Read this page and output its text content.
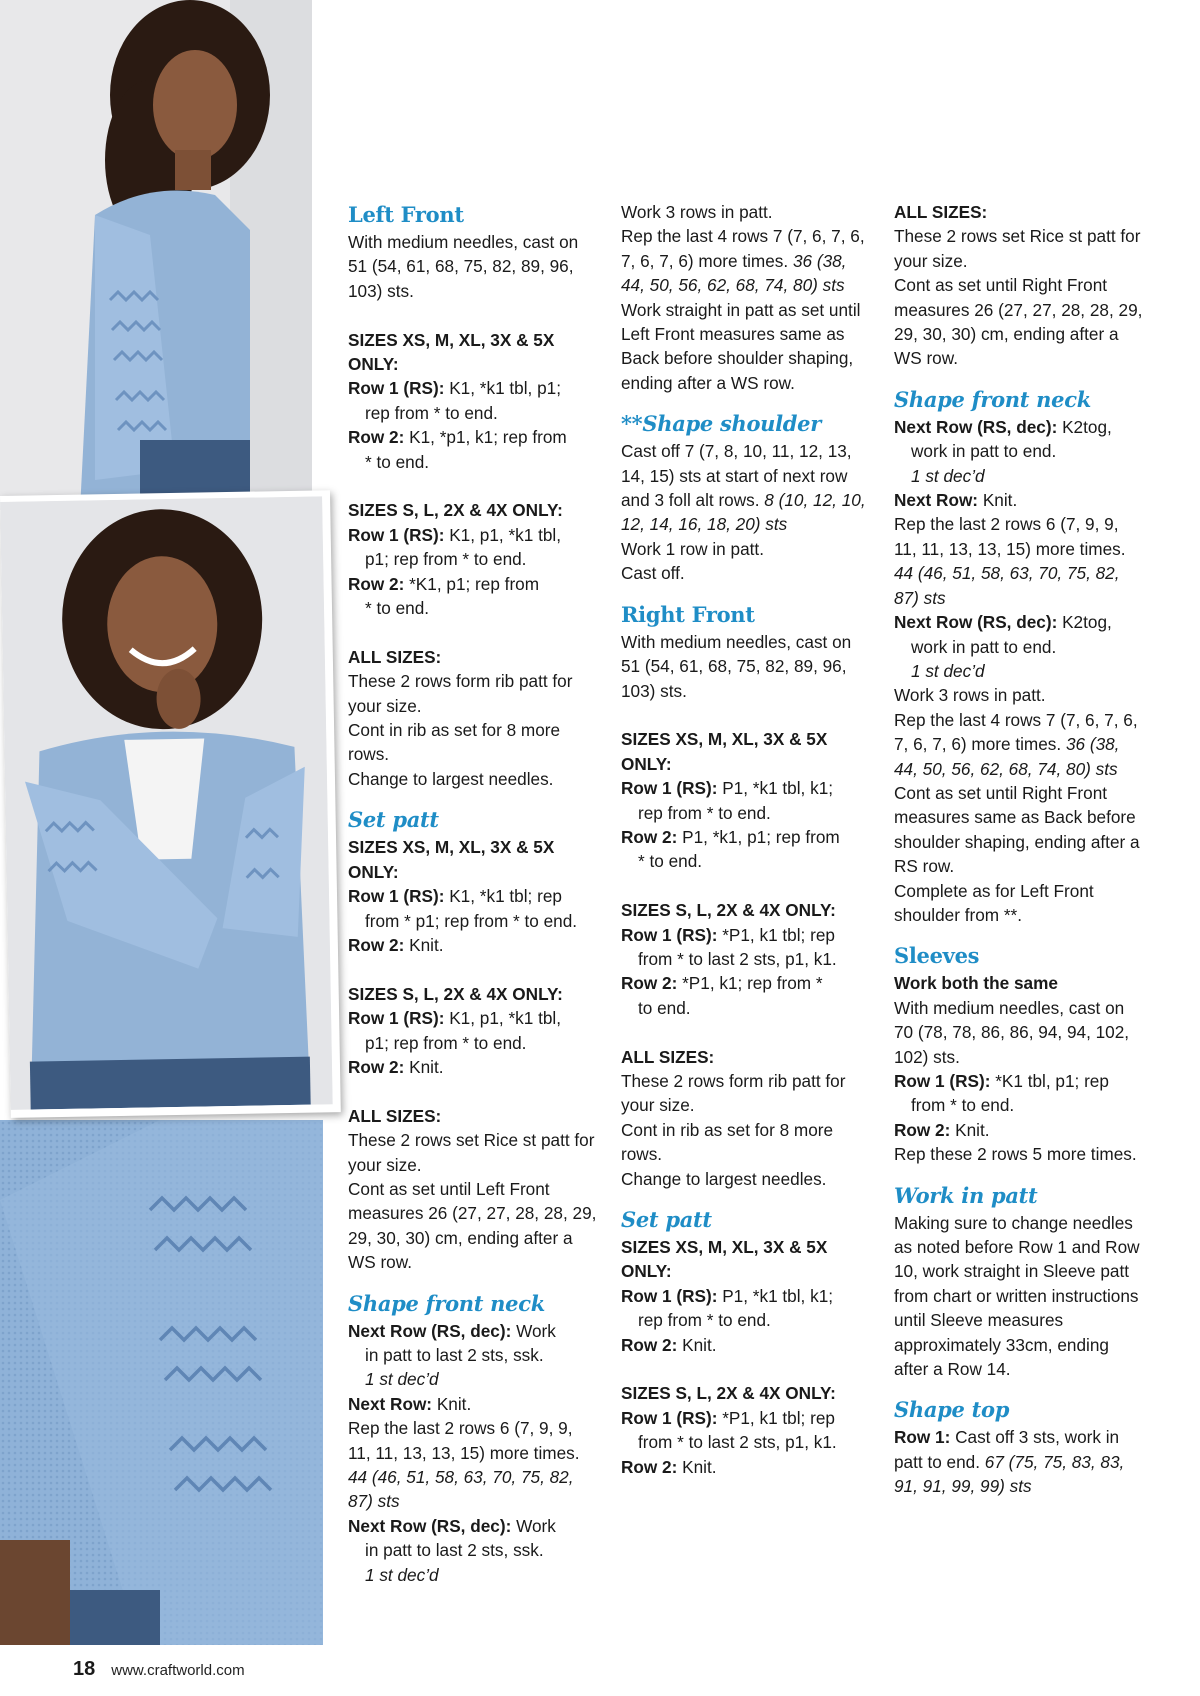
Left Front
With medium needles, cast on 51 (54, 61, 68, 75, 82, 89, 96, 103) sts.
SIZES XS, M, XL, 3X & 5X ONLY:
Row 1 (RS): K1, *k1 tbl, p1;
rep from * to end.
Row 2: K1, *p1, k1; rep from
* to end.
SIZES S, L, 2X & 4X ONLY:
Row 1 (RS): K1, p1, *k1 tbl,
p1; rep from * to end.
Row 2: *K1, p1; rep from
* to end.
ALL SIZES:
These 2 rows form rib patt for your size.
Cont in rib as set for 8 more rows.
Change to largest needles.
Set patt
SIZES XS, M, XL, 3X & 5X ONLY:
Row 1 (RS): K1, *k1 tbl; rep
from * p1; rep from * to end.
Row 2: Knit.
SIZES S, L, 2X & 4X ONLY:
Row 1 (RS): K1, p1, *k1 tbl,
p1; rep from * to end.
Row 2: Knit.
ALL SIZES:
These 2 rows set Rice st patt for your size.
Cont as set until Left Front measures 26 (27, 27, 28, 28, 29, 29, 30, 30) cm, ending after a WS row.
Shape front neck
Next Row (RS, dec): Work
in patt to last 2 sts, ssk.
1 st dec’d
Next Row: Knit.
Rep the last 2 rows 6 (7, 9, 9, 11, 11, 13, 13, 15) more times. 44 (46, 51, 58, 63, 70, 75, 82, 87) sts
Next Row (RS, dec): Work
in patt to last 2 sts, ssk.
1 st dec’d
Work 3 rows in patt.
Rep the last 4 rows 7 (7, 6, 7, 6, 7, 6, 7, 6) more times. 36 (38, 44, 50, 56, 62, 68, 74, 80) sts
Work straight in patt as set until Left Front measures same as Back before shoulder shaping, ending after a WS row.
**Shape shoulder
Cast off 7 (7, 8, 10, 11, 12, 13, 14, 15) sts at start of next row and 3 foll alt rows. 8 (10, 12, 10, 12, 14, 16, 18, 20) sts
Work 1 row in patt.
Cast off.
Right Front
With medium needles, cast on 51 (54, 61, 68, 75, 82, 89, 96, 103) sts.
SIZES XS, M, XL, 3X & 5X ONLY:
Row 1 (RS): P1, *k1 tbl, k1;
rep from * to end.
Row 2: P1, *k1, p1; rep from
* to end.
SIZES S, L, 2X & 4X ONLY:
Row 1 (RS): *P1, k1 tbl; rep
from * to last 2 sts, p1, k1.
Row 2: *P1, k1; rep from *
to end.
ALL SIZES:
These 2 rows form rib patt for your size.
Cont in rib as set for 8 more rows.
Change to largest needles.
Set patt
SIZES XS, M, XL, 3X & 5X ONLY:
Row 1 (RS): P1, *k1 tbl, k1;
rep from * to end.
Row 2: Knit.
SIZES S, L, 2X & 4X ONLY:
Row 1 (RS): *P1, k1 tbl; rep
from * to last 2 sts, p1, k1.
Row 2: Knit.
ALL SIZES:
These 2 rows set Rice st patt for your size.
Cont as set until Right Front measures 26 (27, 27, 28, 28, 29, 29, 30, 30) cm, ending after a WS row.
Shape front neck
Next Row (RS, dec): K2tog,
work in patt to end.
1 st dec’d
Next Row: Knit.
Rep the last 2 rows 6 (7, 9, 9, 11, 11, 13, 13, 15) more times. 44 (46, 51, 58, 63, 70, 75, 82, 87) sts
Next Row (RS, dec): K2tog,
work in patt to end.
1 st dec’d
Work 3 rows in patt.
Rep the last 4 rows 7 (7, 6, 7, 6, 7, 6, 7, 6) more times. 36 (38, 44, 50, 56, 62, 68, 74, 80) sts
Cont as set until Right Front measures same as Back before shoulder shaping, ending after a RS row.
Complete as for Left Front shoulder from **.
Sleeves
Work both the same
With medium needles, cast on 70 (78, 78, 86, 86, 94, 94, 102, 102) sts.
Row 1 (RS): *K1 tbl, p1; rep
from * to end.
Row 2: Knit.
Rep these 2 rows 5 more times.
Work in patt
Making sure to change needles as noted before Row 1 and Row 10, work straight in Sleeve patt from chart or written instructions until Sleeve measures approximately 33cm, ending after a Row 14.
Shape top
Row 1: Cast off 3 sts, work in patt to end. 67 (75, 75, 83, 83, 91, 91, 99, 99) sts
18 www.craftworld.com
